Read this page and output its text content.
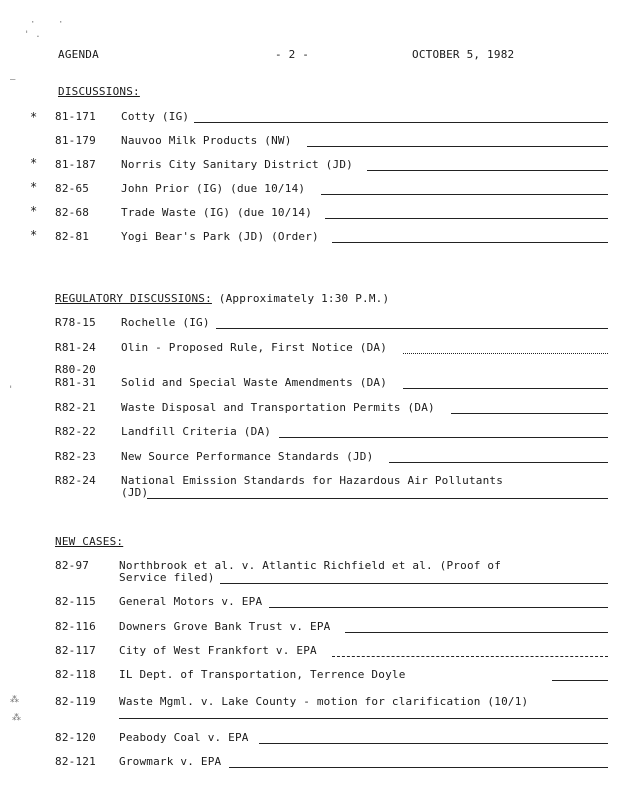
· ·
' .
—
'
⁂
⁂
AGENDA	- 2 -	OCTOBER 5, 1982
DISCUSSIONS:
* 81-171 Cotty (IG)
81-179 Nauvoo Milk Products (NW)
* 81-187 Norris City Sanitary District (JD)
* 82-65	John Prior (IG) (due 10/14)
* 82-68	Trade Waste (IG) (due 10/14)
* 82-81	Yogi Bear's Park (JD) (Order)
REGULATORY DISCUSSIONS: (Approximately 1:30 P.M.)
R78-15 Rochelle (IG)
R81-24 Olin - Proposed Rule, First Notice (DA)
R80-20
R81-31 Solid and Special Waste Amendments (DA)
R82-21 Waste Disposal and Transportation Permits (DA)
R82-22 Landfill Criteria (DA)
R82-23 New Source Performance Standards (JD)
R82-24 National Emission Standards for Hazardous Air Pollutants
(JD)
NEW CASES:
82-97	Northbrook et al. v. Atlantic Richfield et al. (Proof of
Service filed)
82-115 General Motors v. EPA
82-116 Downers Grove Bank Trust v. EPA
82-117 City of West Frankfort v. EPA
82-118 IL Dept. of Transportation, Terrence Doyle
82-119 Waste Mgml. v. Lake County - motion for clarification (10/1)
82-120 Peabody Coal v. EPA
82-121 Growmark v. EPA
